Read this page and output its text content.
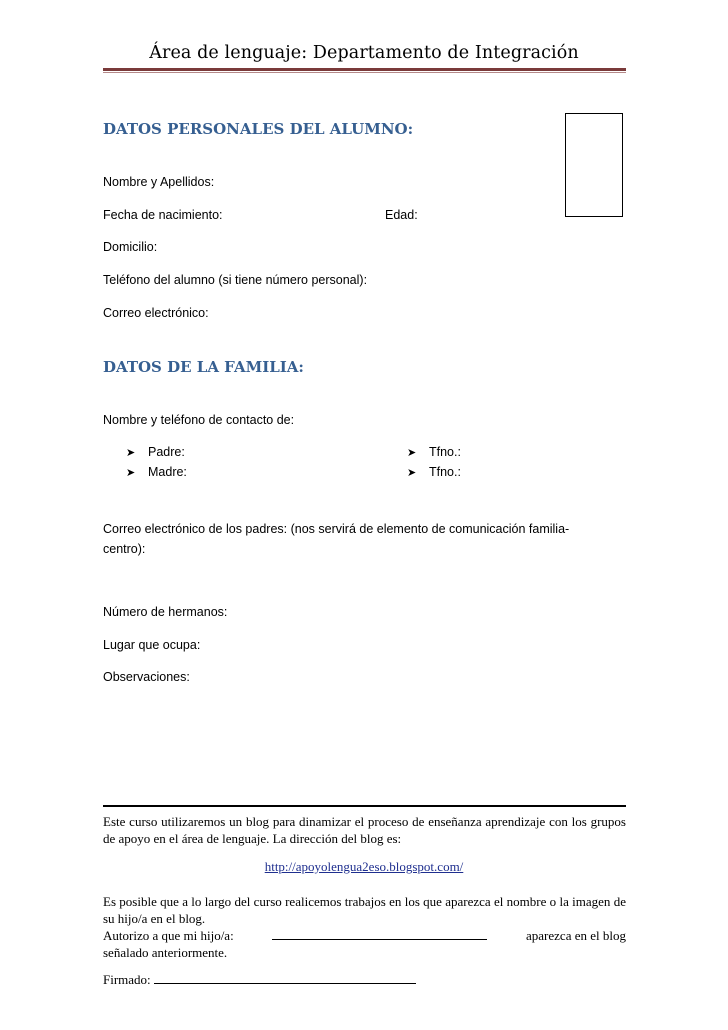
Área de lenguaje: Departamento de Integración
DATOS PERSONALES DEL ALUMNO:
Nombre y Apellidos:
Fecha de nacimiento:	Edad:
Domicilio:
Teléfono del alumno (si tiene número personal):
Correo electrónico:
DATOS DE LA FAMILIA:
Nombre y teléfono de contacto de:
➤ Padre:	➤ Tfno.:
➤ Madre:	➤ Tfno.:
Correo electrónico de los padres: (nos servirá de elemento de comunicación familia-
centro):
Número de hermanos:
Lugar que ocupa:
Observaciones:
Este curso utilizaremos un blog para dinamizar el proceso de enseñanza aprendizaje con los grupos de apoyo en el área de lenguaje. La dirección del blog es:
http://apoyolengua2eso.blogspot.com/
Es posible que a lo largo del curso realicemos trabajos en los que aparezca el nombre o la imagen de su hijo/a en el blog.
Autorizo a que mi hijo/a:	aparezca en el blog
señalado anteriormente.
Firmado:
